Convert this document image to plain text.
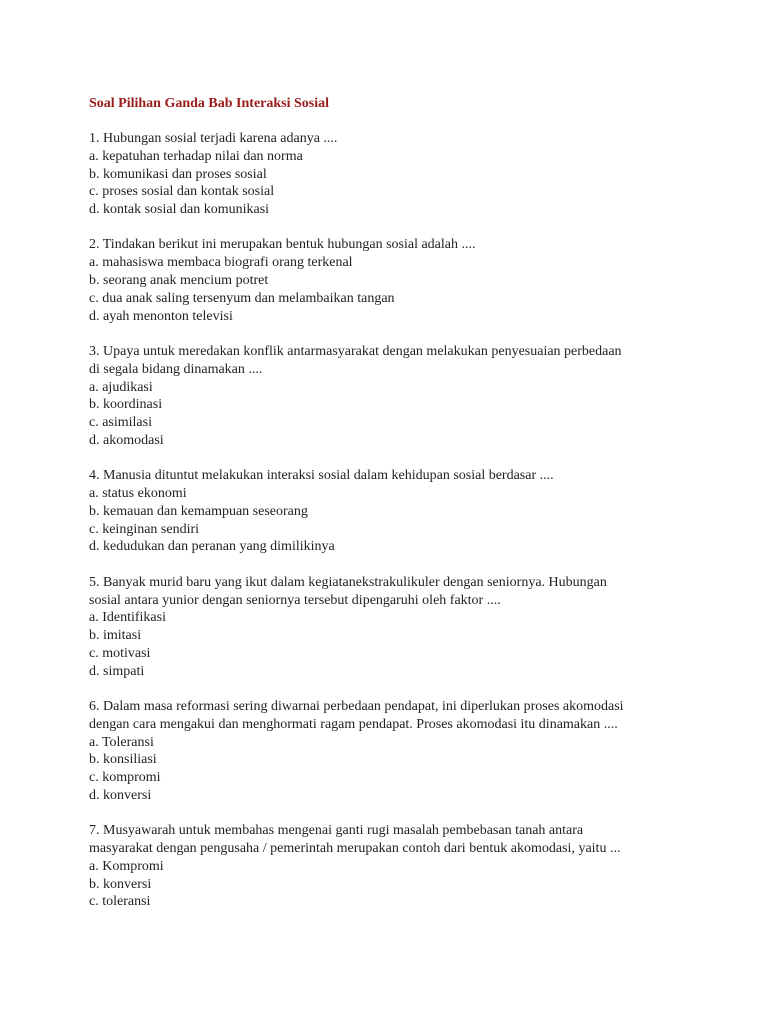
Soal Pilihan Ganda Bab Interaksi Sosial
1. Hubungan sosial terjadi karena adanya ....
a. kepatuhan terhadap nilai dan norma
b. komunikasi dan proses sosial
c. proses sosial dan kontak sosial
d. kontak sosial dan komunikasi
2. Tindakan berikut ini merupakan bentuk hubungan sosial adalah ....
a. mahasiswa membaca biografi orang terkenal
b. seorang anak mencium potret
c. dua anak saling tersenyum dan melambaikan tangan
d. ayah menonton televisi
3. Upaya untuk meredakan konflik antarmasyarakat dengan melakukan penyesuaian perbedaan
di segala bidang dinamakan ....
a. ajudikasi
b. koordinasi
c. asimilasi
d. akomodasi
4. Manusia dituntut melakukan interaksi sosial dalam kehidupan sosial berdasar ....
a. status ekonomi
b. kemauan dan kemampuan seseorang
c. keinginan sendiri
d. kedudukan dan peranan yang dimilikinya
5. Banyak murid baru yang ikut dalam kegiatanekstrakulikuler dengan seniornya. Hubungan
sosial antara yunior dengan seniornya tersebut dipengaruhi oleh faktor ....
a. Identifikasi
b. imitasi
c. motivasi
d. simpati
6. Dalam masa reformasi sering diwarnai perbedaan pendapat, ini diperlukan proses akomodasi
dengan cara mengakui dan menghormati ragam pendapat. Proses akomodasi itu dinamakan ....
a. Toleransi
b. konsiliasi
c. kompromi
d. konversi
7. Musyawarah untuk membahas mengenai ganti rugi masalah pembebasan tanah antara
masyarakat dengan pengusaha / pemerintah merupakan contoh dari bentuk akomodasi, yaitu ...
a. Kompromi
b. konversi
c. toleransi
